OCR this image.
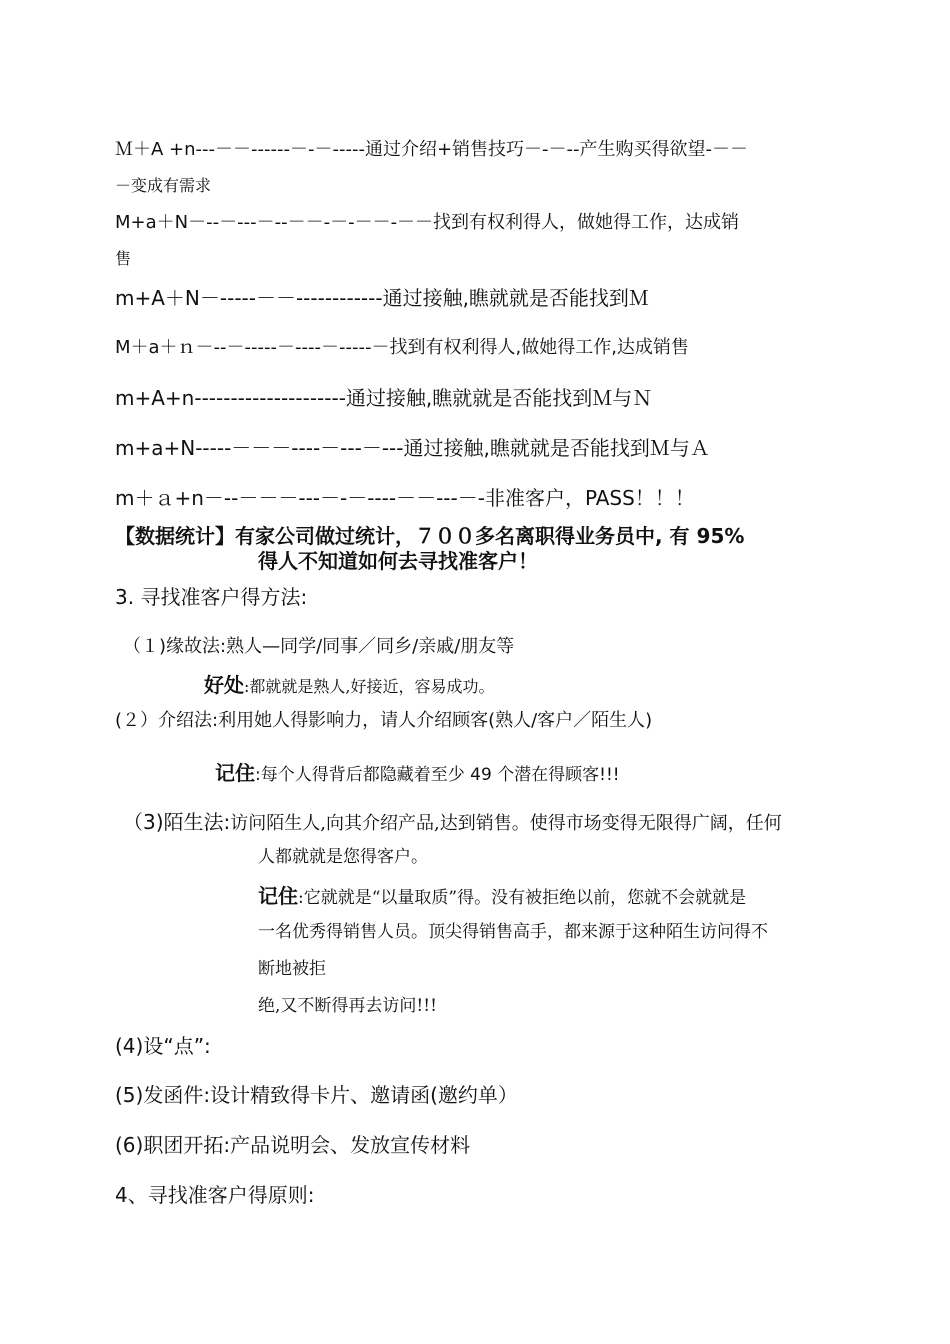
Ｍ＋A +n---－－------－-－-----通过介绍+销售技巧－-－--产生购买得欲望-－－
－变成有需求
M+a＋N－--－---－--－－-－-－－-－－找到有权利得人，做她得工作，达成销
售
m+A＋N－-----－－------------通过接触,瞧就就是否能找到Ｍ
M＋a＋ｎ－--－-----－----－-----－找到有权利得人,做她得工作,达成销售
m+A+n---------------------通过接触,瞧就就是否能找到Ｍ与Ｎ
m+a+N-----－－－----－---－---通过接触,瞧就就是否能找到Ｍ与Ａ
m＋ａ+n－--－－－---－-－----－－---－-非准客户，PASS！！！
【数据统计】有家公司做过统计，７００多名离职得业务员中, 有 95%
得人不知道如何去寻找准客户！
3. 寻找准客户得方法:
（１)缘故法:熟人—同学/同事／同乡/亲戚/朋友等
好处:都就就是熟人,好接近，容易成功。
(２）介绍法:利用她人得影响力，请人介绍顾客(熟人/客户／陌生人)
记住:每个人得背后都隐藏着至少 49 个潜在得顾客!!!
（3)陌生法:访问陌生人,向其介绍产品,达到销售。使得市场变得无限得广阔，任何
人都就就是您得客户。
记住:它就就是“以量取质”得。没有被拒绝以前，您就不会就就是
一名优秀得销售人员。顶尖得销售高手，都来源于这种陌生访问得不
断地被拒
绝,又不断得再去访问!!!
(4)设“点”:
(5)发函件:设计精致得卡片、邀请函(邀约单）
(6)职团开拓:产品说明会、发放宣传材料
4、寻找准客户得原则:
